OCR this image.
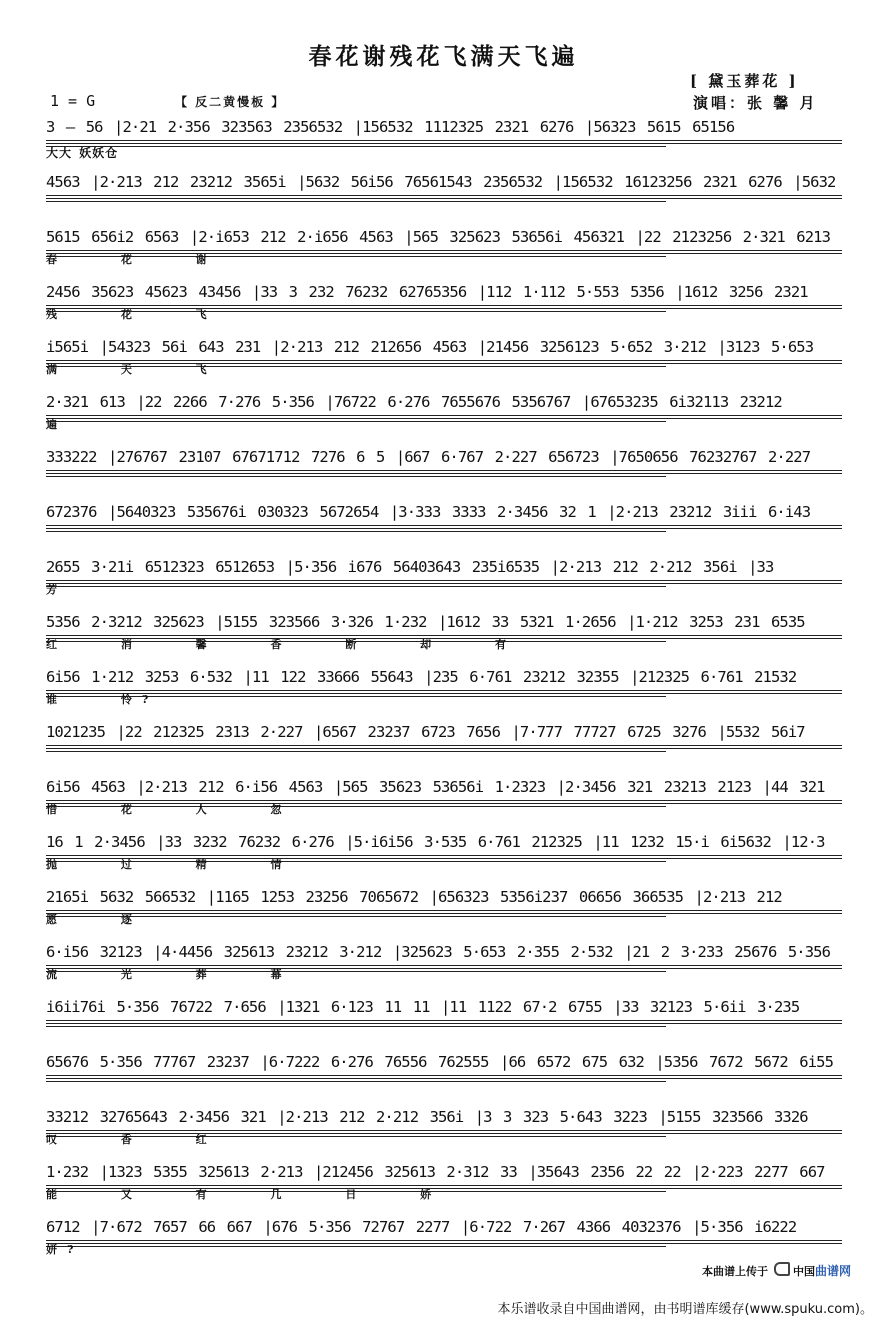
春花谢残花飞满天飞遍
1 = G	【 反二黄慢板 】
[ 黛玉葬花 ]
演唱：张 馨 月
3 – 56 |2·21 2·356 323563 2356532 |156532 1112325 2321 6276 |56323 5615 65156
大大 妖妖仓
4563 |2·213 212 23212 3565i |5632 56i56 76561543 2356532 |156532 16123256 2321 6276 |5632
5615 656i2 6563 |2·i653 212 2·i656 4563 |565 325623 53656i 456321 |22 2123256 2·321 6213
春 花 谢
2456 35623 45623 43456 |33 3 232 76232 62765356 |112 1·112 5·553 5356 |1612 3256 2321
残 花 飞
i565i |54323 56i 643 231 |2·213 212 212656 4563 |21456 3256123 5·652 3·212 |3123 5·653
满 天 飞
2·321 613 |22 2266 7·276 5·356 |76722 6·276 7655676 5356767 |67653235 6i32113 23212
遍
333222 |276767 23107 67671712 7276 6 5 |667 6·767 2·227 656723 |7650656 76232767 2·227
672376 |5640323 535676i 030323 5672654 |3·333 3333 2·3456 32 1 |2·213 23212 3iii 6·i43
2655 3·21i 6512323 6512653 |5·356 i676 56403643 235i6535 |2·213 212 2·212 356i |33
芳
5356 2·3212 325623 |5155 323566 3·326 1·232 |1612 33 5321 1·2656 |1·212 3253 231 6535
红 消 馨 香 断 却 有
6i56 1·212 3253 6·532 |11 122 33666 55643 |235 6·761 23212 32355 |212325 6·761 21532
谁 怜?
1021235 |22 212325 2313 2·227 |6567 23237 6723 7656 |7·777 77727 6725 3276 |5532 56i7
6i56 4563 |2·213 212 6·i56 4563 |565 35623 53656i 1·2323 |2·3456 321 23213 2123 |44 321
惜 花 人 忽
16 1 2·3456 |33 3232 76232 6·276 |5·i6i56 3·535 6·761 212325 |11 1232 15·i 6i5632 |12·3
抛 过 精 情
2165i 5632 566532 |1165 1253 23256 7065672 |656323 5356i237 06656 366535 |2·213 212
愿 逐
6·i56 32123 |4·4456 325613 23212 3·212 |325623 5·653 2·355 2·532 |21 2 3·233 25676 5·356
流 光 葬 幕
i6ii76i 5·356 76722 7·656 |1321 6·123 11 11 |11 1122 67·2 6755 |33 32123 5·6ii 3·235
65676 5·356 77767 23237 |6·7222 6·276 76556 762555 |66 6572 675 632 |5356 7672 5672 6i55
33212 32765643 2·3456 321 |2·213 212 2·212 356i |3 3 323 5·643 3223 |5155 323566 3326
叹 香 红
1·232 |1323 5355 325613 2·213 |212456 325613 2·312 33 |35643 2356 22 22 |2·223 2277 667
能 又 有 几 日 娇
6712 |7·672 7657 66 667 |676 5·356 72767 2277 |6·722 7·267 4366 4032376 |5·356 i6222
妍?
本曲谱上传于 中国曲谱网
本乐谱收录自中国曲谱网，由书明谱库缓存(www.spuku.com)。
